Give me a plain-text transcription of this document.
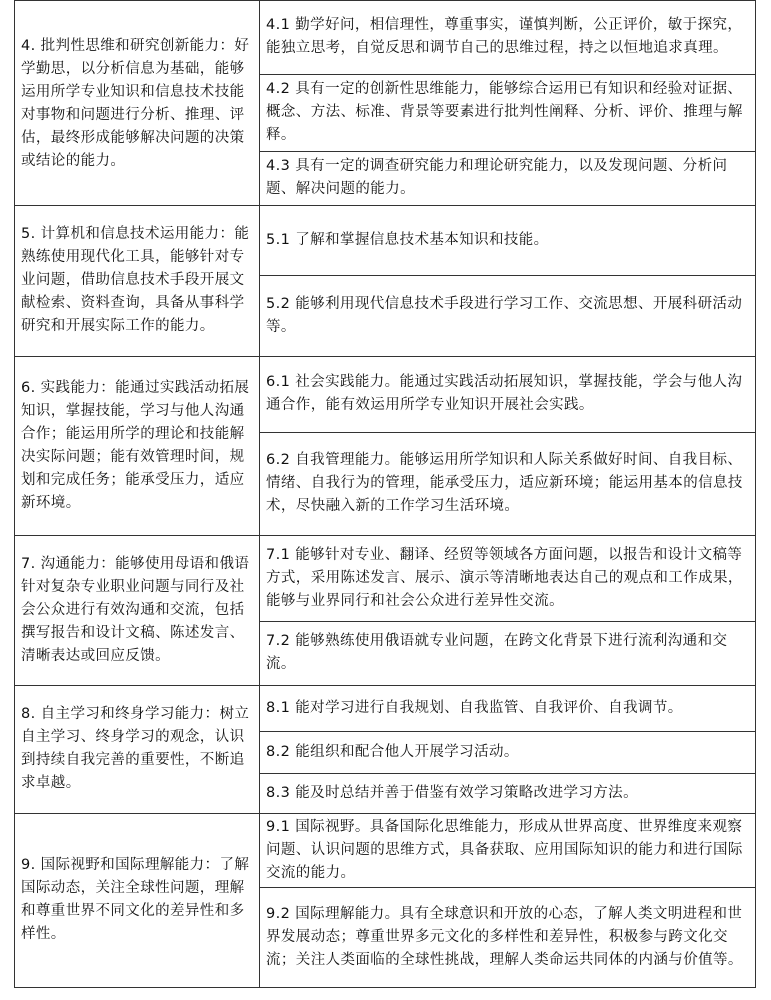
4. 批判性思维和研究创新能力：好学勤思，以分析信息为基础，能够运用所学专业知识和信息技术技能对事物和问题进行分析、推理、评估，最终形成能够解决问题的决策或结论的能力。	4.1 勤学好问，相信理性，尊重事实，谨慎判断，公正评价，敏于探究，能独立思考，自觉反思和调节自己的思维过程，持之以恒地追求真理。
	4.2 具有一定的创新性思维能力，能够综合运用已有知识和经验对证据、概念、方法、标准、背景等要素进行批判性阐释、分析、评价、推理与解释。
	4.3 具有一定的调查研究能力和理论研究能力，以及发现问题、分析问题、解决问题的能力。
5. 计算机和信息技术运用能力：能熟练使用现代化工具，能够针对专业问题，借助信息技术手段开展文献检索、资料查询，具备从事科学研究和开展实际工作的能力。	5.1 了解和掌握信息技术基本知识和技能。
	5.2 能够利用现代信息技术手段进行学习工作、交流思想、开展科研活动等。
6. 实践能力：能通过实践活动拓展知识，掌握技能，学习与他人沟通合作；能运用所学的理论和技能解决实际问题；能有效管理时间，规划和完成任务；能承受压力，适应新环境。	6.1 社会实践能力。能通过实践活动拓展知识，掌握技能，学会与他人沟通合作，能有效运用所学专业知识开展社会实践。
	6.2 自我管理能力。能够运用所学知识和人际关系做好时间、自我目标、情绪、自我行为的管理，能承受压力，适应新环境；能运用基本的信息技术，尽快融入新的工作学习生活环境。
7. 沟通能力：能够使用母语和俄语针对复杂专业职业问题与同行及社会公众进行有效沟通和交流，包括撰写报告和设计文稿、陈述发言、清晰表达或回应反馈。	7.1 能够针对专业、翻译、经贸等领域各方面问题，以报告和设计文稿等方式，采用陈述发言、展示、演示等清晰地表达自己的观点和工作成果，能够与业界同行和社会公众进行差异性交流。
	7.2 能够熟练使用俄语就专业问题，在跨文化背景下进行流利沟通和交流。
8. 自主学习和终身学习能力：树立自主学习、终身学习的观念，认识到持续自我完善的重要性，不断追求卓越。	8.1 能对学习进行自我规划、自我监管、自我评价、自我调节。
	8.2 能组织和配合他人开展学习活动。
	8.3 能及时总结并善于借鉴有效学习策略改进学习方法。
9. 国际视野和国际理解能力：了解国际动态，关注全球性问题，理解和尊重世界不同文化的差异性和多样性。	9.1 国际视野。具备国际化思维能力，形成从世界高度、世界维度来观察问题、认识问题的思维方式，具备获取、应用国际知识的能力和进行国际交流的能力。
	9.2 国际理解能力。具有全球意识和开放的心态，了解人类文明进程和世界发展动态；尊重世界多元文化的多样性和差异性，积极参与跨文化交流；关注人类面临的全球性挑战，理解人类命运共同体的内涵与价值等。
